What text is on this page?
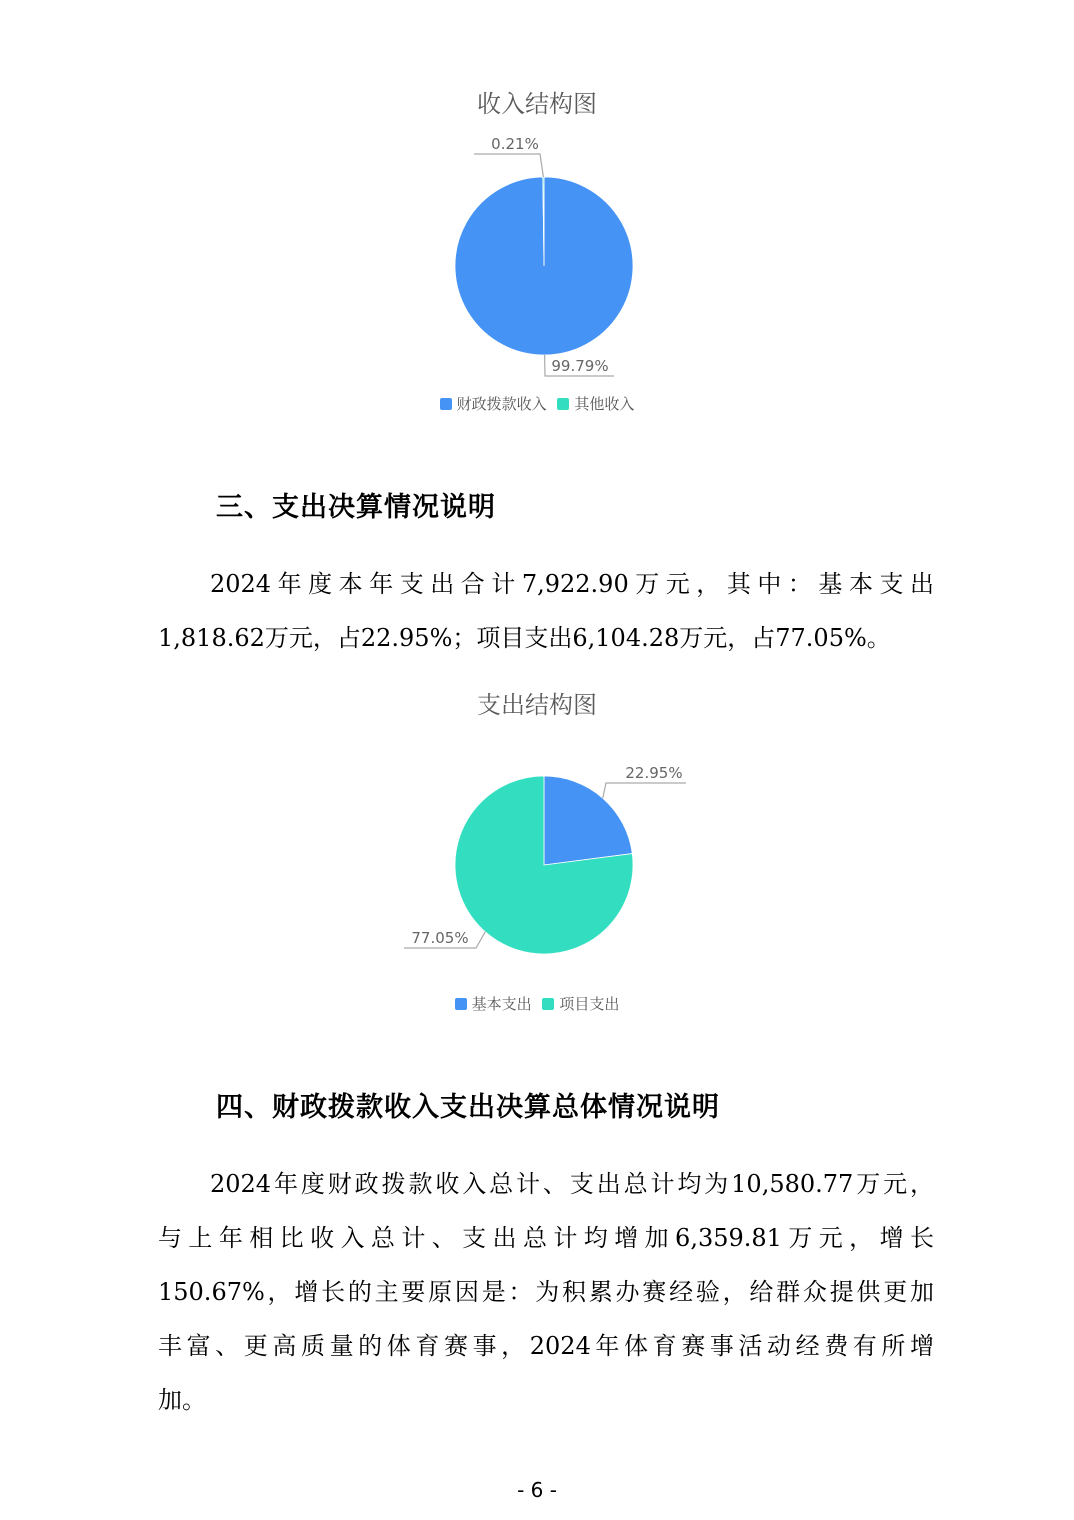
收入结构图
99.79%
0.21%
财政拨款收入
其他收入
三、支出决算情况说明
2024年度本年支出合计7,922.90万元，其中：基本支出
1,818.62万元，占22.95%；项目支出6,104.28万元，占77.05%。
支出结构图
22.95%
77.05%
基本支出
项目支出
四、财政拨款收入支出决算总体情况说明
2024年度财政拨款收入总计、支出总计均为10,580.77万元，
与上年相比收入总计、支出总计均增加6,359.81万元，增长
150.67%，增长的主要原因是：为积累办赛经验，给群众提供更加
丰富、更高质量的体育赛事，2024年体育赛事活动经费有所增
加。
- 6 -
